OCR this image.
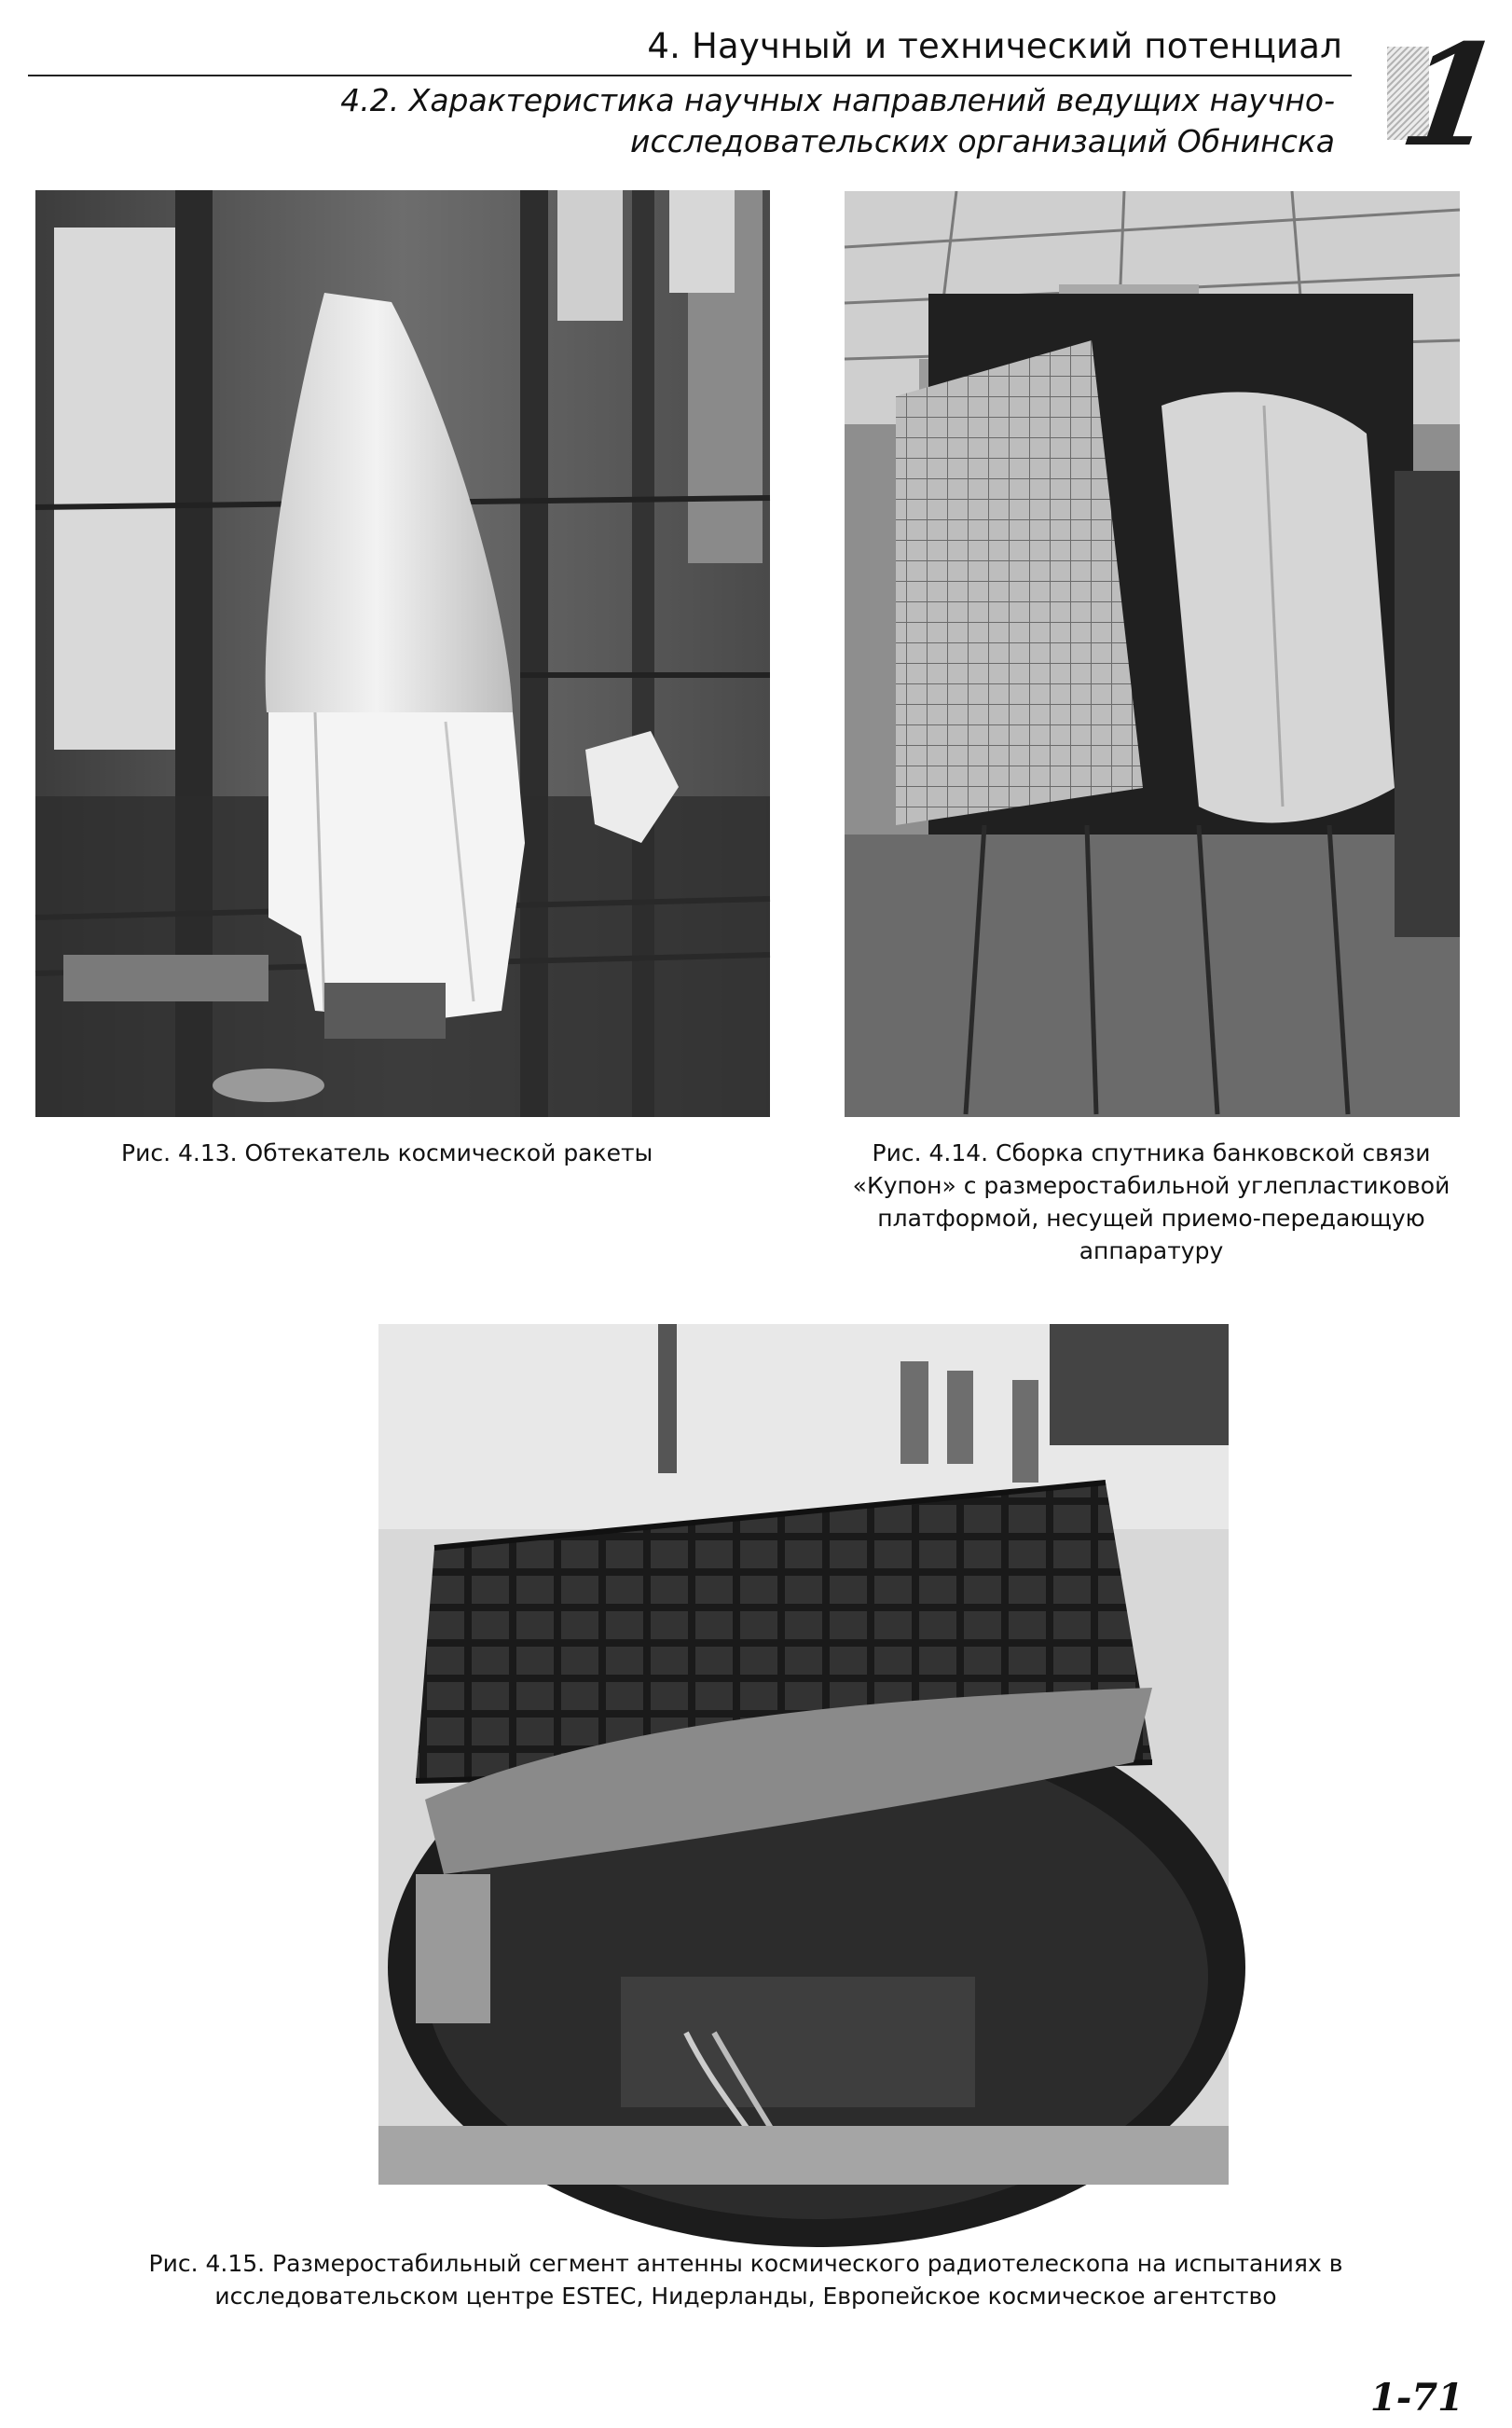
4. Научный и технический потенциал
4.2. Характеристика научных направлений ведущих научно-исследовательских организаций Обнинска 1
Рис. 4.13. Обтекатель космической ракеты	Рис. 4.14. Сборка спутника банковской связи «Купон» с размеростабильной углепластиковой платформой, несущей приемо-передающую аппаратуру
Рис. 4.15. Размеростабильный сегмент антенны космического радиотелескопа на испытаниях в исследовательском центре ESTEC, Нидерланды, Европейское космическое агентство
1-71
